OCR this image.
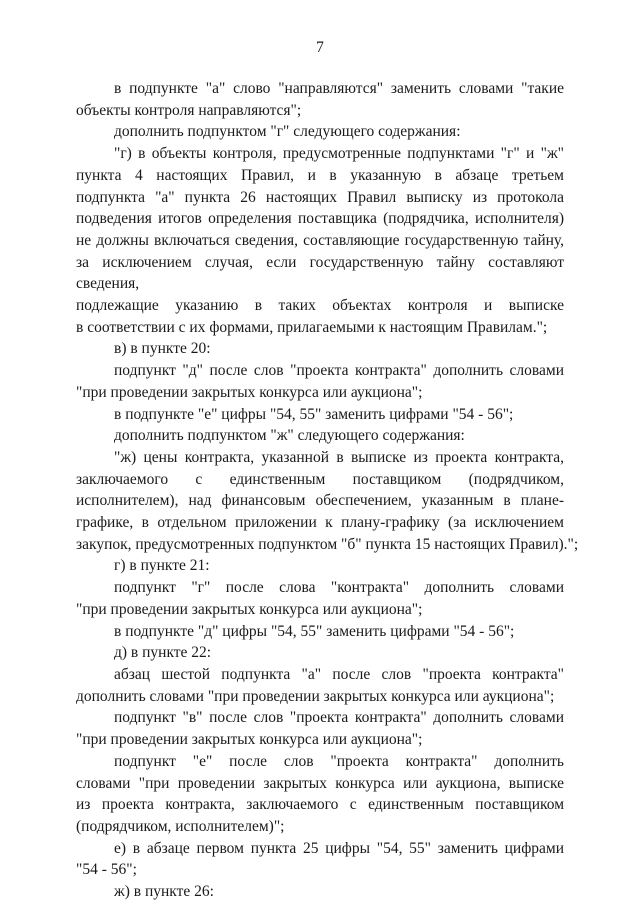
7

в подпункте "а" слово "направляются" заменить словами "такие
объекты контроля направляются";

дополнить подпунктом "г" следующего содержания:

"г) в объекты контроля, предусмотренные подпунктами "г" и "ж"
пункта 4 настоящих Правил, и в указанную в абзаце третьем
подпункта "а" пункта 26 настоящих Правил выписку из протокола
подведения итогов определения поставщика (подрядчика, исполнителя)
не должны включаться сведения, составляющие государственную тайну,
за исключением случая, если государственную тайну составляют сведения,
подлежащие указанию в таких объектах контроля и выписке
в соответствии с их формами, прилагаемыми к настоящим Правилам.";

в) в пункте 20:

подпункт "д" после слов "проекта контракта" дополнить словами
"при проведении закрытых конкурса или аукциона";

в подпункте "е" цифры "54, 55" заменить цифрами "54 - 56";

дополнить подпунктом "ж" следующего содержания:

"ж) цены контракта, указанной в выписке из проекта контракта,
заключаемого с единственным поставщиком (подрядчиком,
исполнителем), над финансовым обеспечением, указанным в плане-
графике, в отдельном приложении к плану-графику (за исключением
закупок, предусмотренных подпунктом "б" пункта 15 настоящих Правил).";

г) в пункте 21:

подпункт "г" после слова "контракта" дополнить словами
"при проведении закрытых конкурса или аукциона";

в подпункте "д" цифры "54, 55" заменить цифрами "54 - 56";

д) в пункте 22:

абзац шестой подпункта "а" после слов "проекта контракта"
дополнить словами "при проведении закрытых конкурса или аукциона";

подпункт "в" после слов "проекта контракта" дополнить словами
"при проведении закрытых конкурса или аукциона";

подпункт "е" после слов "проекта контракта" дополнить
словами "при проведении закрытых конкурса или аукциона, выписке
из проекта контракта, заключаемого с единственным поставщиком
(подрядчиком, исполнителем)";

е) в абзаце первом пункта 25 цифры "54, 55" заменить цифрами
"54 - 56";

ж) в пункте 26:
